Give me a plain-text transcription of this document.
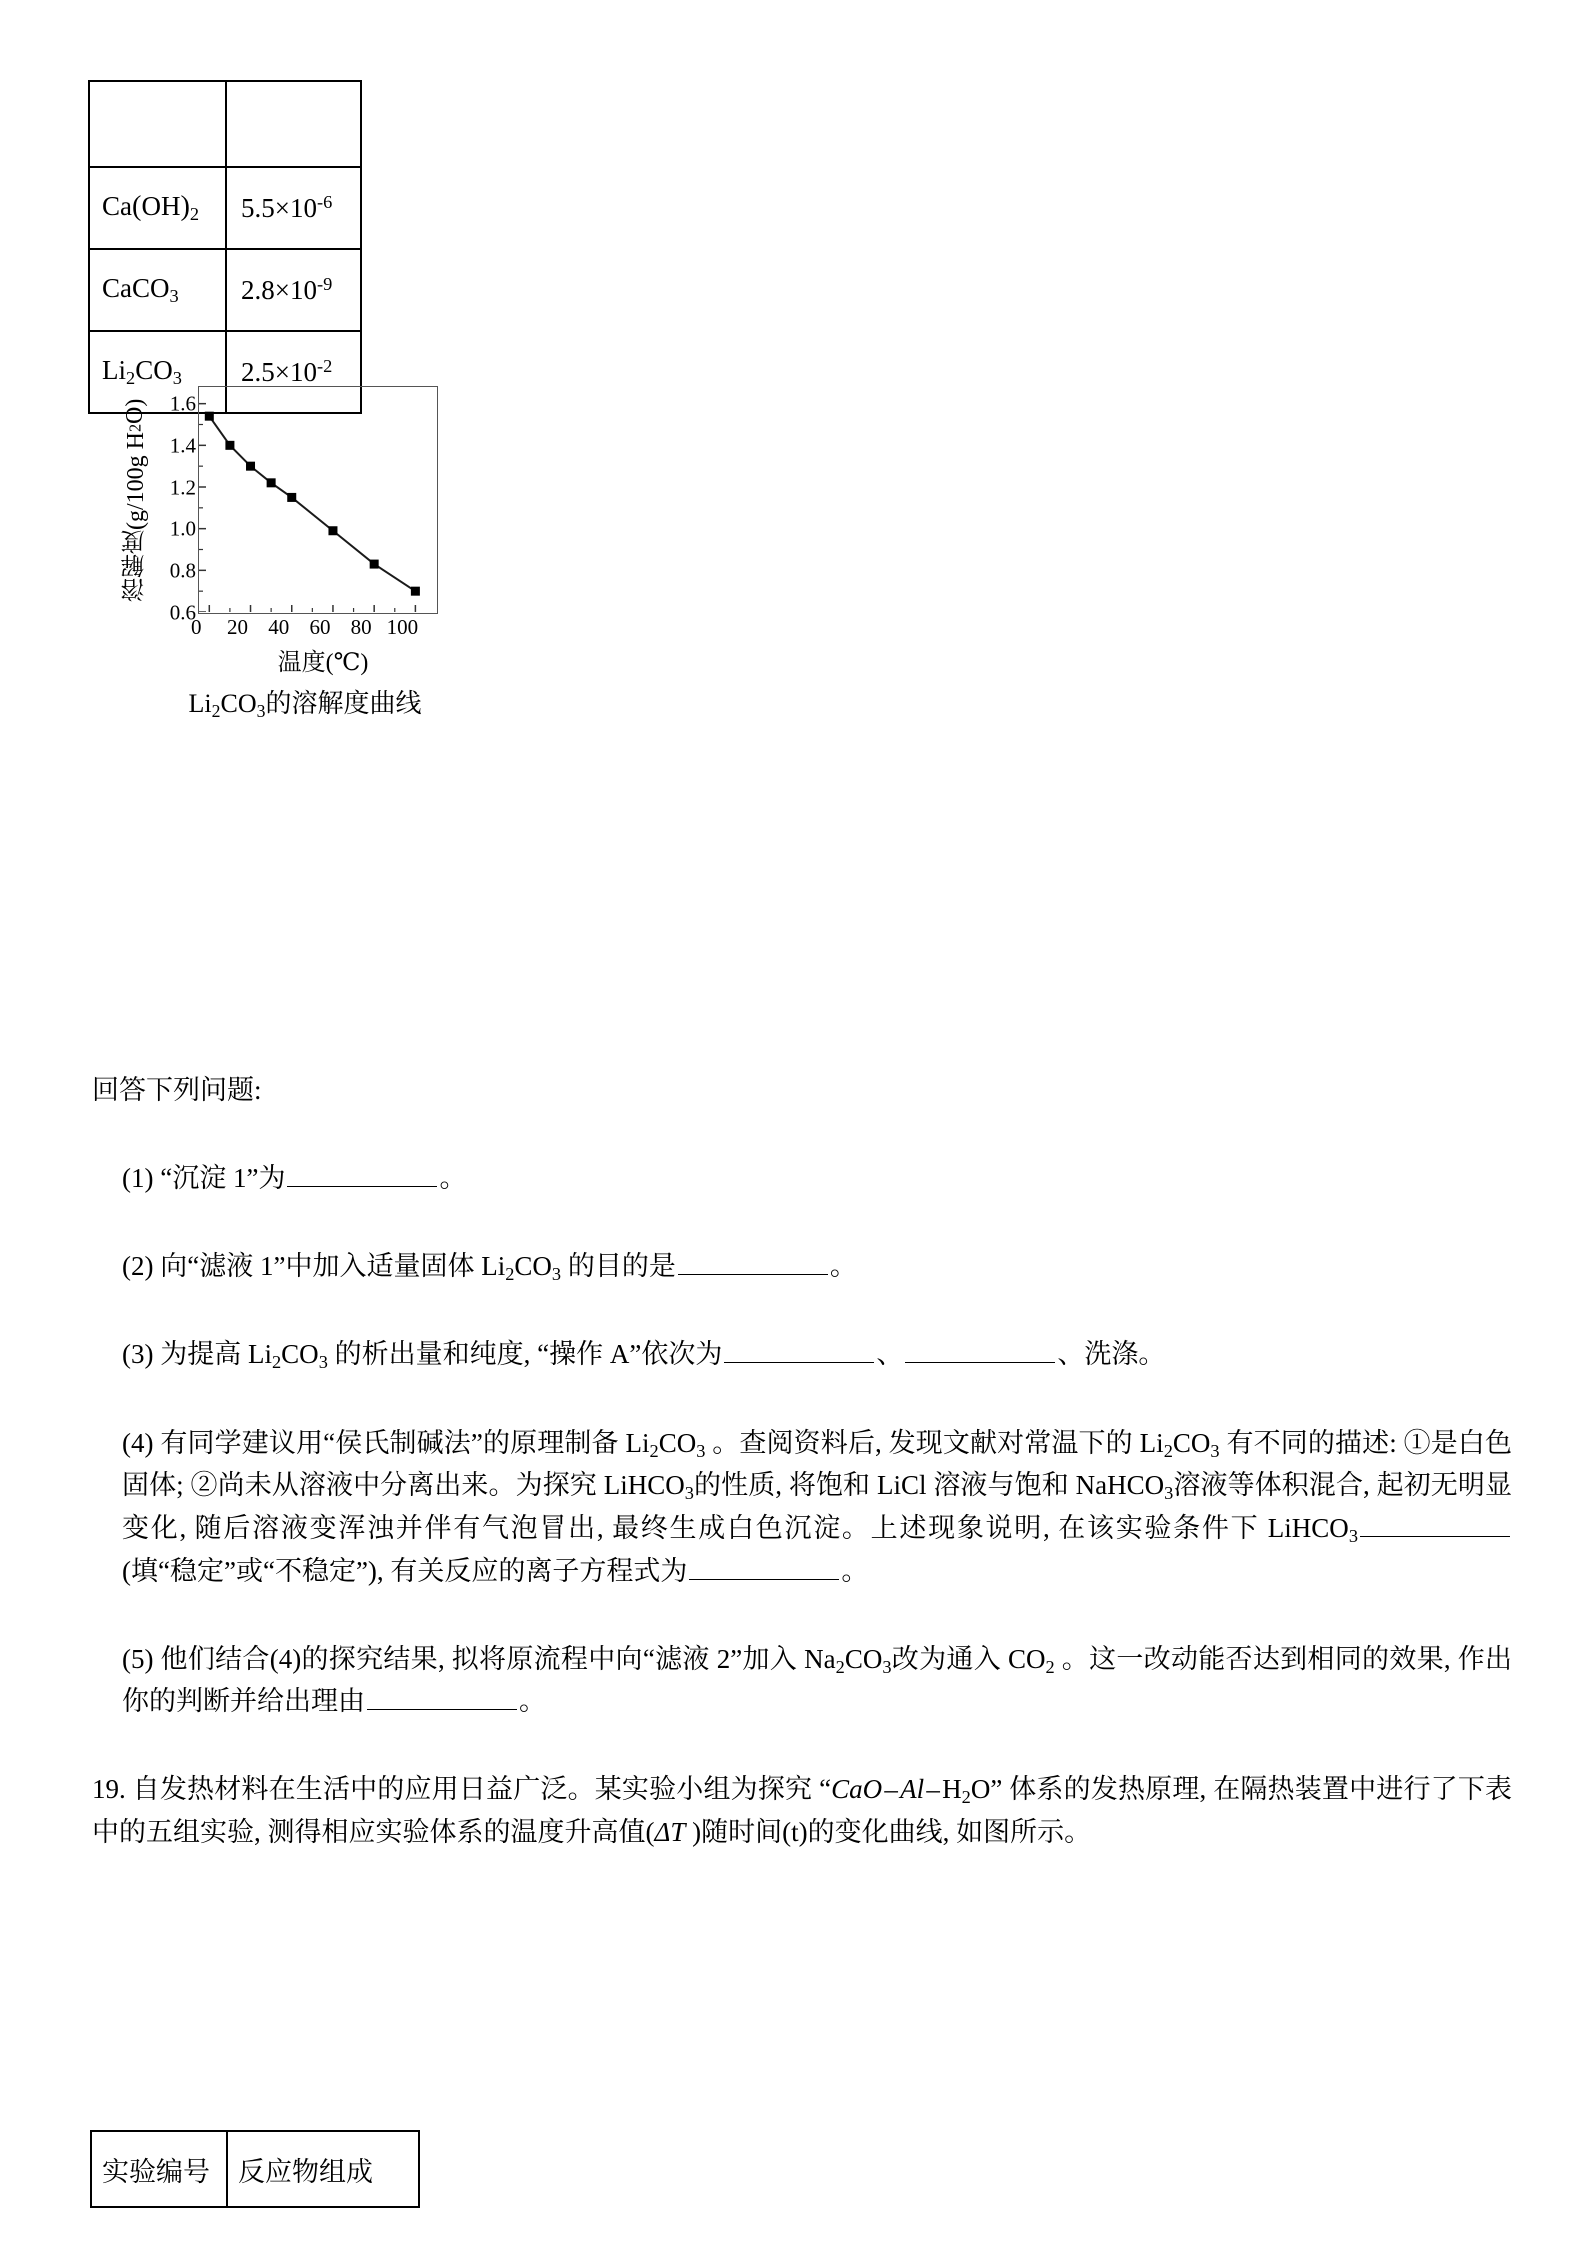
$Ca(OH)_2$	$5.5\times 10^{-6}$
CaCO$_3$	$2.8\times 10^{-9}$
$Li_2CO_3$	$2.5\times 10^{-2}$
溶解度(g/100g H
2
O)
0.6
0.8
1.0
1.2
1.4
1.6
0 20 40 60 80 100
温度(℃)
$Li_2CO_3$的溶解度曲线

回答下列问题:

(1) “沉淀 1”为	。

(2) 向“滤液 1”中加入适量固体 $Li_2CO_3$ 的目的是	。

(3) 为提高 $Li_2CO_3$ 的析出量和纯度, “操作 A”依次为	、	、洗涤。

(4) 有同学建议用“侯氏制碱法”的原理制备 $Li_2CO_3$ 。查阅资料后, 发现文献对常温下的 $Li_2CO_3$ 有不同的描述: ①是白色固体; ②尚未从溶液中分离出来。为探究 LiHCO$_3$的性质, 将饱和 LiCl 溶液与饱和 NaHCO$_3$溶液等体积混合, 起初无明显变化, 随后溶液变浑浊并伴有气泡冒出, 最终生成白色沉淀。上述现象说明, 在该实验条件下 LiHCO$_3$(填“稳定”或“不稳定”), 有关反应的离子方程式为	。

(5) 他们结合(4)的探究结果, 拟将原流程中向“滤液 2”加入 $Na_2CO_3$改为通入 $CO_2$ 。这一改动能否达到相同的效果, 作出你的判断并给出理由	。

19. 自发热材料在生活中的应用日益广泛。某实验小组为探究 “CaO – Al – $H_2O$” 体系的发热原理, 在隔热装置中进行了下表中的五组实验, 测得相应实验体系的温度升高值(ΔT )随时间(t)的变化曲线, 如图所示。

实验编号	反应物组成
